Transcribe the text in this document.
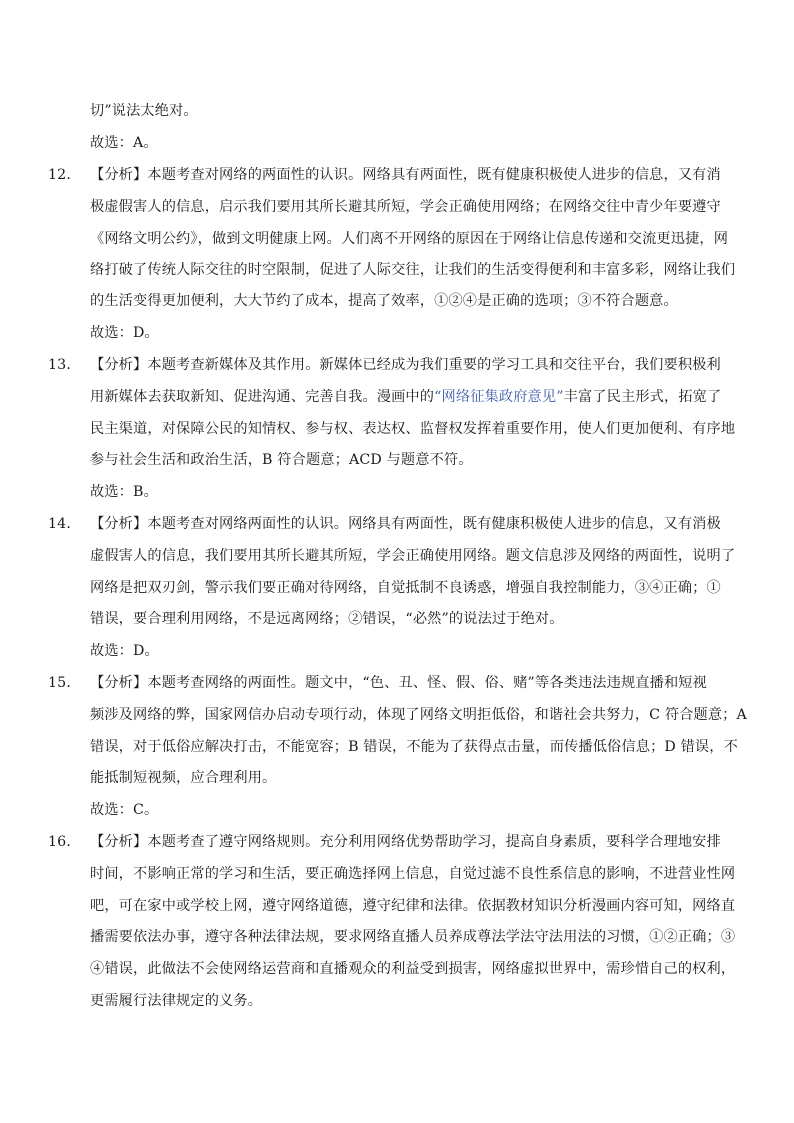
切”说法太绝对。
故选：A。
12． 【分析】本题考查对网络的两面性的认识。网络具有两面性，既有健康积极使人进步的信息，又有消
极虚假害人的信息，启示我们要用其所长避其所短，学会正确使用网络；在网络交往中青少年要遵守
《网络文明公约》，做到文明健康上网。人们离不开网络的原因在于网络让信息传递和交流更迅捷，网
络打破了传统人际交往的时空限制，促进了人际交往，让我们的生活变得便利和丰富多彩，网络让我们
的生活变得更加便利，大大节约了成本，提高了效率，①②④是正确的选项；③不符合题意。
故选：D。
13． 【分析】本题考查新媒体及其作用。新媒体已经成为我们重要的学习工具和交往平台，我们要积极利
用新媒体去获取新知、促进沟通、完善自我。漫画中的“网络征集政府意见”丰富了民主形式，拓宽了
民主渠道，对保障公民的知情权、参与权、表达权、监督权发挥着重要作用，使人们更加便利、有序地
参与社会生活和政治生活，B 符合题意；ACD 与题意不符。
故选：B。
14． 【分析】本题考查对网络两面性的认识。网络具有两面性，既有健康积极使人进步的信息，又有消极
虚假害人的信息，我们要用其所长避其所短，学会正确使用网络。题文信息涉及网络的两面性，说明了
网络是把双刃剑，警示我们要正确对待网络，自觉抵制不良诱惑，增强自我控制能力，③④正确；①
错误，要合理利用网络，不是远离网络；②错误，“必然”的说法过于绝对。
故选：D。
15． 【分析】本题考查网络的两面性。题文中，“色、丑、怪、假、俗、赌”等各类违法违规直播和短视
频涉及网络的弊，国家网信办启动专项行动，体现了网络文明拒低俗，和谐社会共努力，C 符合题意；A
错误，对于低俗应解决打击，不能宽容；B 错误，不能为了获得点击量，而传播低俗信息；D 错误，不
能抵制短视频，应合理利用。
故选：C。
16． 【分析】本题考查了遵守网络规则。充分利用网络优势帮助学习，提高自身素质，要科学合理地安排
时间，不影响正常的学习和生活，要正确选择网上信息，自觉过滤不良性系信息的影响，不进营业性网
吧，可在家中或学校上网，遵守网络道德，遵守纪律和法律。依据教材知识分析漫画内容可知，网络直
播需要依法办事，遵守各种法律法规，要求网络直播人员养成尊法学法守法用法的习惯，①②正确；③
④错误，此做法不会使网络运营商和直播观众的利益受到损害，网络虚拟世界中，需珍惜自己的权利，
更需履行法律规定的义务。
